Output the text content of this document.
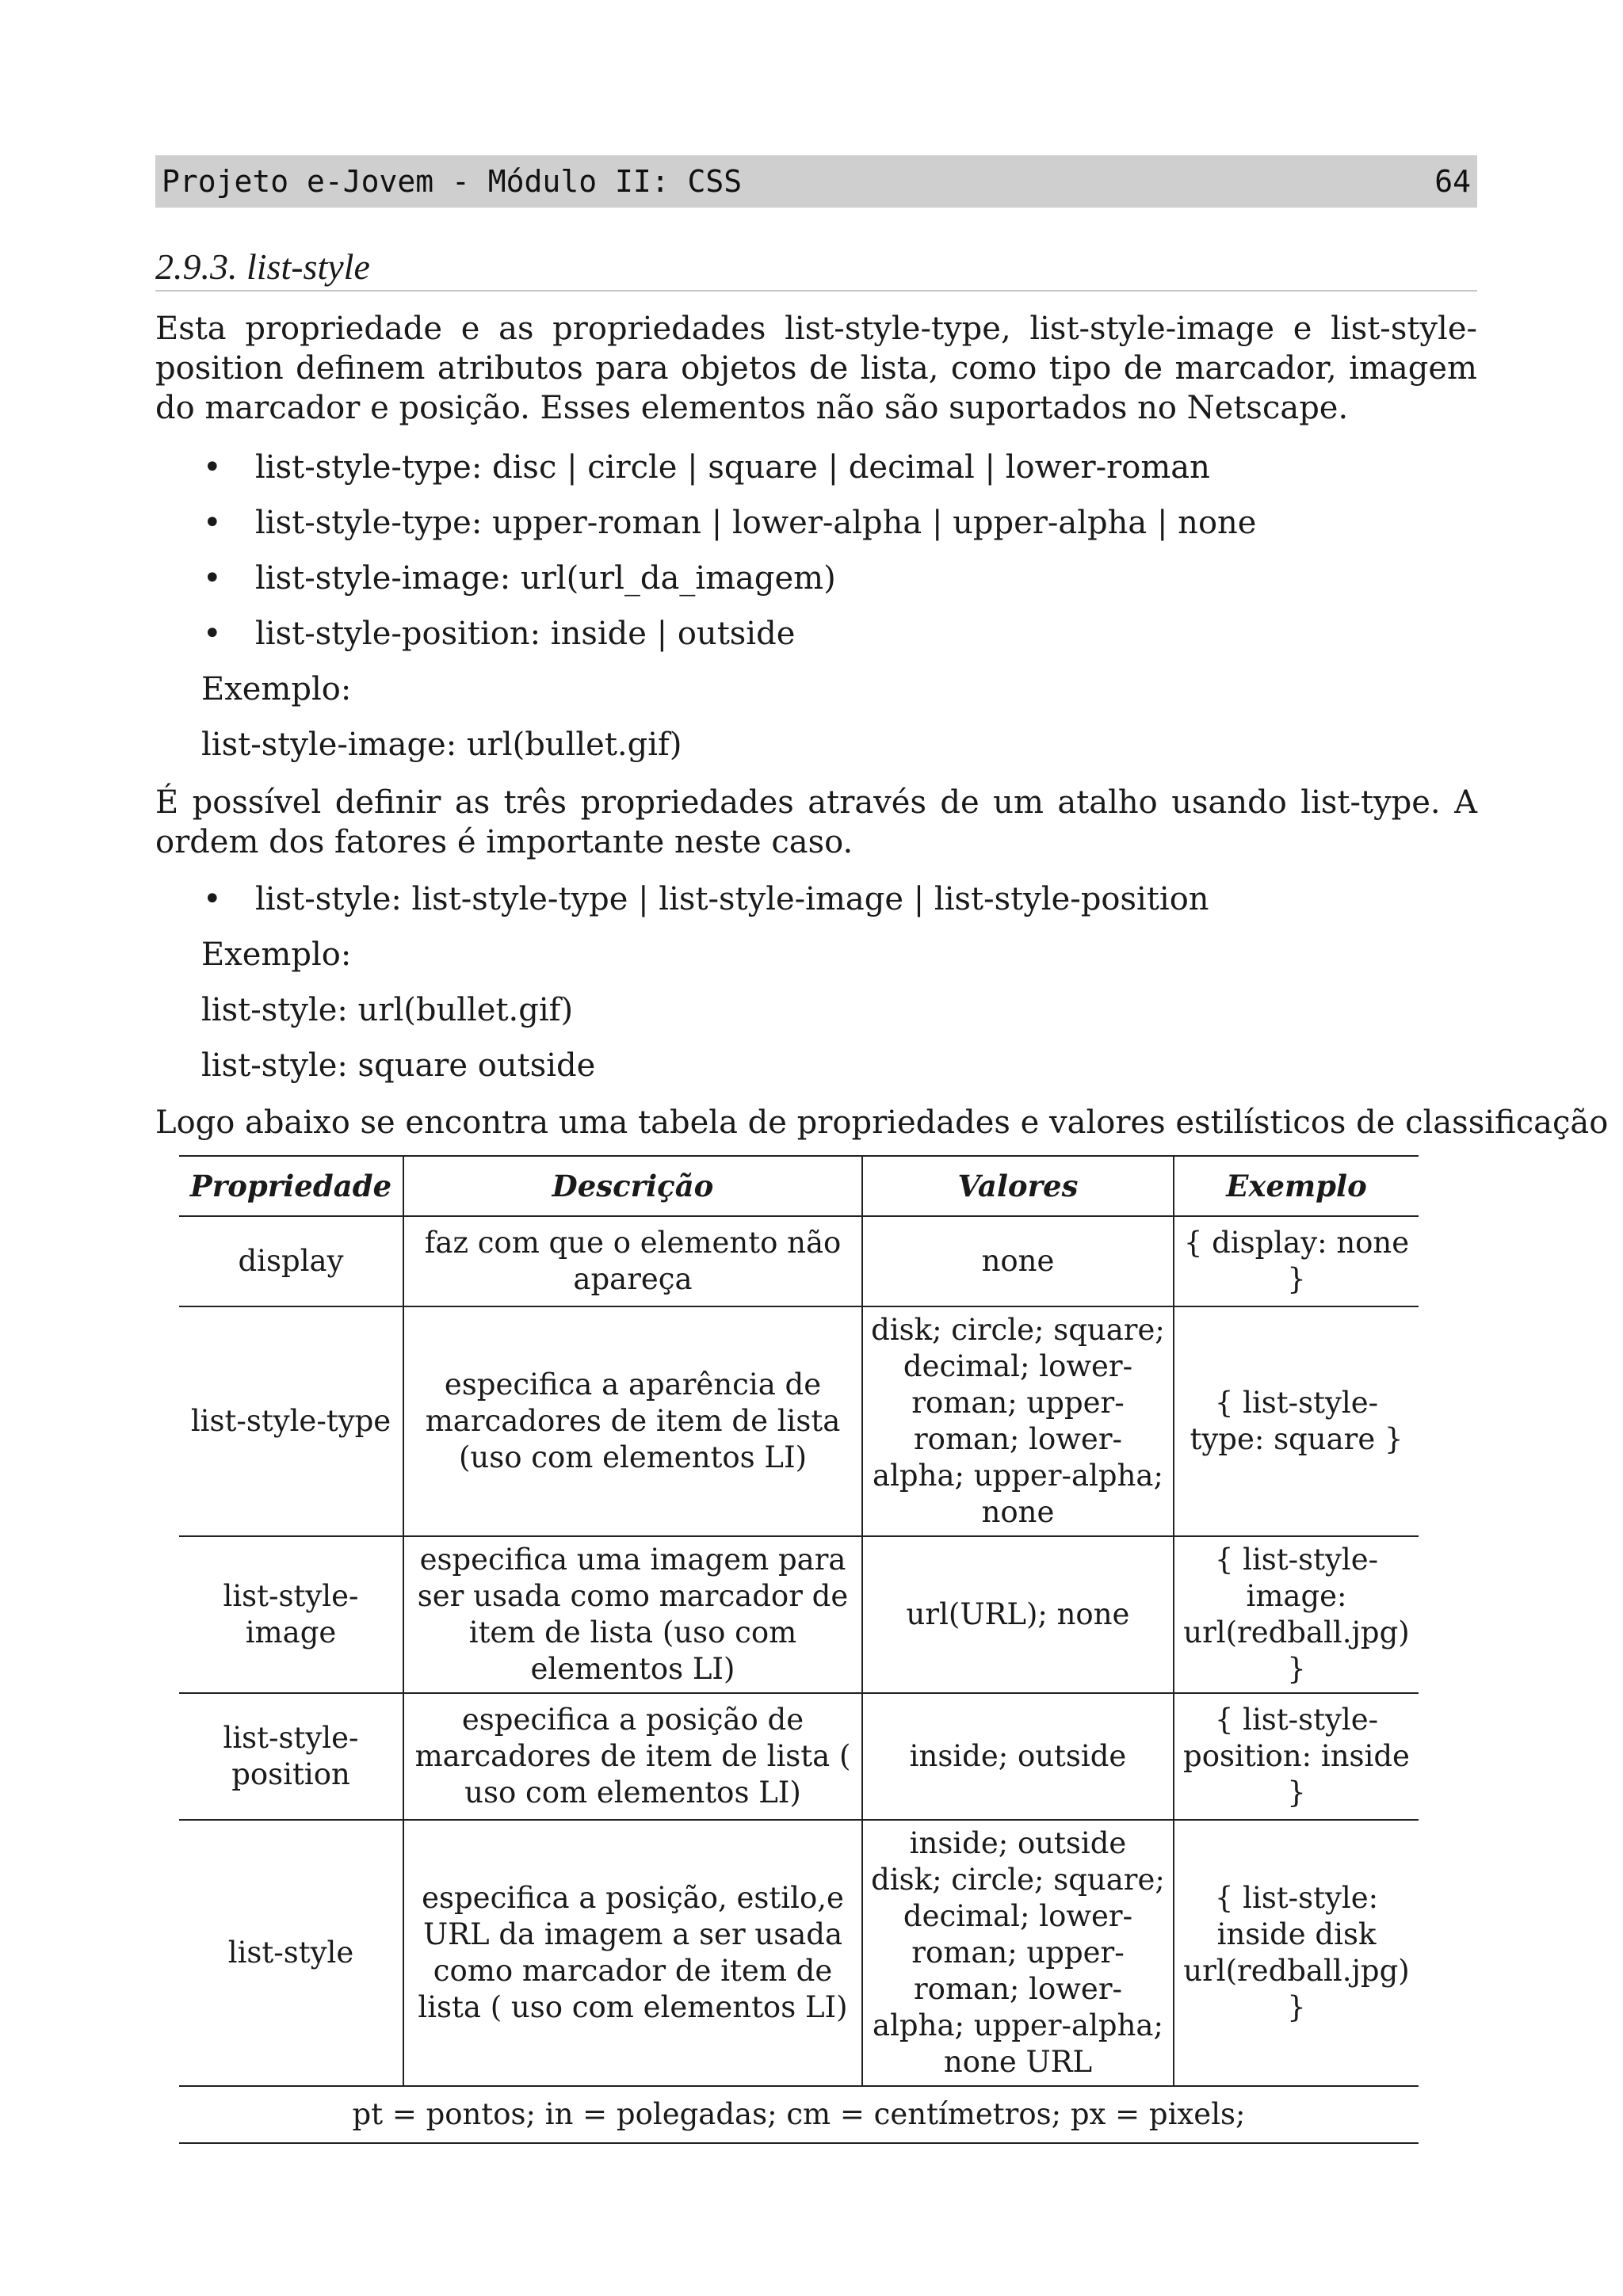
Projeto e-Jovem - Módulo II: CSS	64
2.9.3. list-style

Esta propriedade e as propriedades list-style-type, list-style-image e list-style-position definem atributos para objetos de lista, como tipo de marcador, imagem do marcador e posição. Esses elementos não são suportados no Netscape.

• list-style-type: disc | circle | square | decimal | lower-roman

• list-style-type: upper-roman | lower-alpha | upper-alpha | none

• list-style-image: url(url_da_imagem)

• list-style-position: inside | outside

Exemplo:

list-style-image: url(bullet.gif)

É possível definir as três propriedades através de um atalho usando list-type. A ordem dos fatores é importante neste caso.

• list-style: list-style-type | list-style-image | list-style-position

Exemplo:

list-style: url(bullet.gif)

list-style: square outside

Logo abaixo se encontra uma tabela de propriedades e valores estilísticos de classificação

Propriedade	Descrição	Valores	Exemplo
display	faz com que o elemento não apareça	none	{ display: none }
list-style-type	especifica a aparência de marcadores de item de lista (uso com elementos LI)	disk; circle; square; decimal; lower-roman; upper-roman; lower-alpha; upper-alpha; none	{ list-style-type: square }
list-style-image	especifica uma imagem para ser usada como marcador de item de lista (uso com elementos LI)	url(URL); none	{ list-style-image: url(redball.jpg) }
list-style-position	especifica a posição de marcadores de item de lista ( uso com elementos LI)	inside; outside	{ list-style-position: inside }
list-style	especifica a posição, estilo,e URL da imagem a ser usada como marcador de item de lista ( uso com elementos LI)	inside; outside disk; circle; square; decimal; lower-roman; upper-roman; lower-alpha; upper-alpha; none URL	{ list-style: inside disk url(redball.jpg) }
pt = pontos; in = polegadas; cm = centímetros; px = pixels;			
